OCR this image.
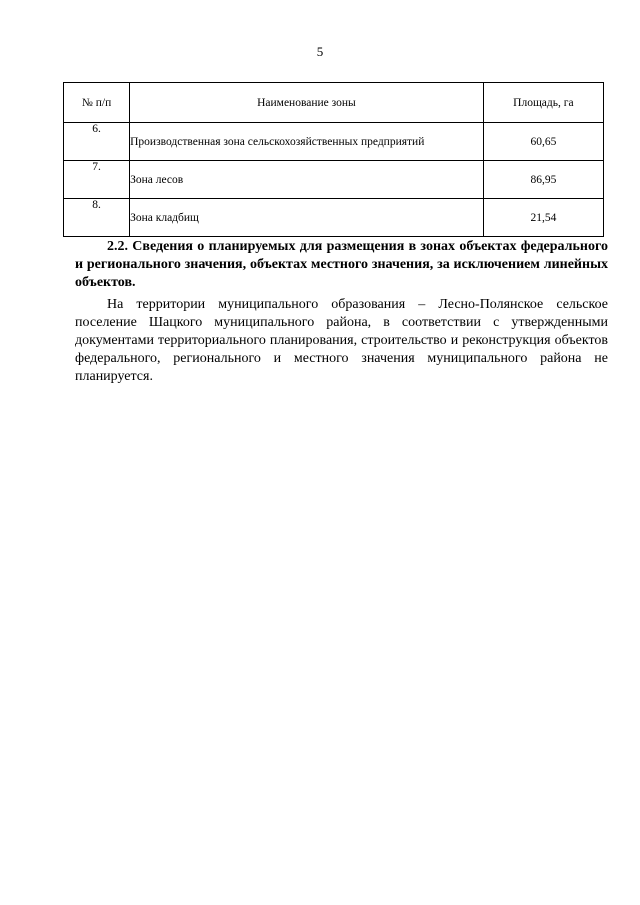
5
№ п/п	Наименование зоны	Площадь, га
6.	Производственная зона сельскохозяйственных предприятий	60,65
7.	Зона лесов	86,95
8.	Зона кладбищ	21,54

2.2. Сведения о планируемых для размещения в зонах объектах федерального и регионального значения, объектах местного значения, за исключением линейных объектов.

На территории муниципального образования – Лесно-Полянское сельское поселение Шацкого муниципального района, в соответствии с утвержденными документами территориального планирования, строительство и реконструкция объектов федерального, регионального и местного значения муниципального района не планируется.
